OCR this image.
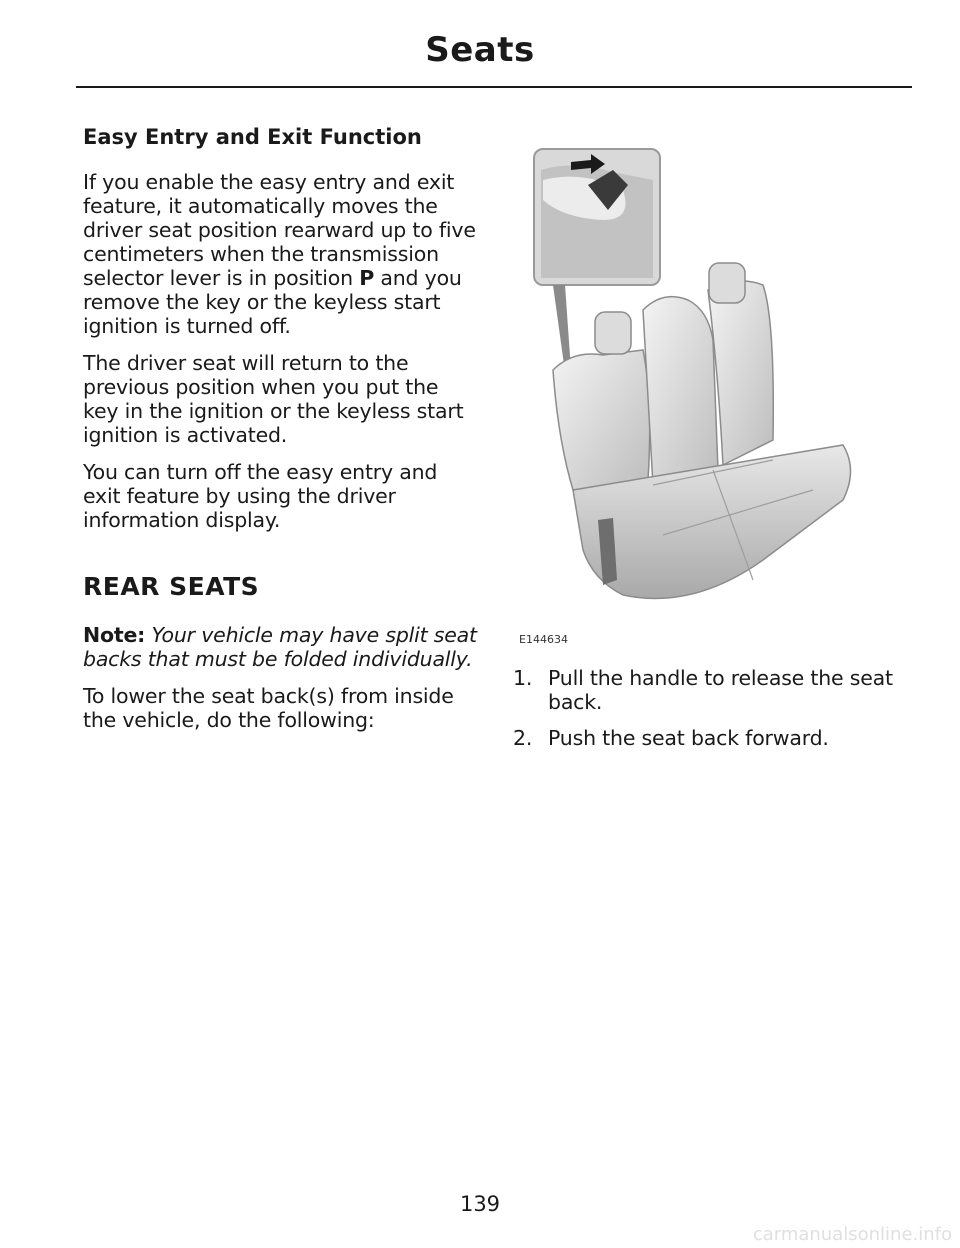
Seats
Easy Entry and Exit Function

If you enable the easy entry and exit feature, it automatically moves the driver seat position rearward up to five centimeters when the transmission selector lever is in position P and you remove the key or the keyless start ignition is turned off.

The driver seat will return to the previous position when you put the key in the ignition or the keyless start ignition is activated.

You can turn off the easy entry and exit feature by using the driver information display.

REAR SEATS

Note: Your vehicle may have split seat backs that must be folded individually.

To lower the seat back(s) from inside the vehicle, do the following:

E144634
1. Pull the handle to release the seat back.
2. Push the seat back forward.
139
carmanualsonline.info
